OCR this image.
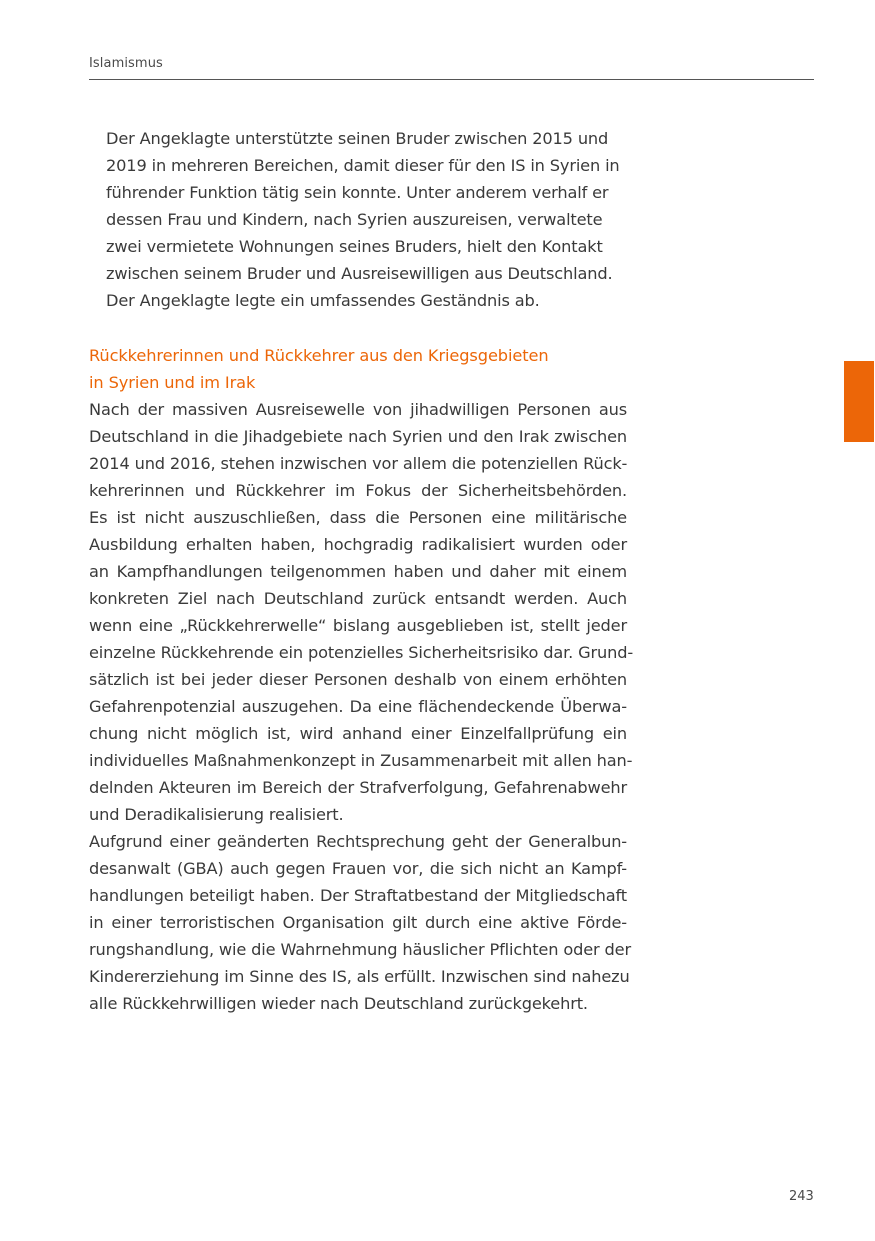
Islamismus
Der Angeklagte unterstützte seinen Bruder zwischen 2015 und
2019 in mehreren Bereichen, damit dieser für den IS in Syrien in
führender Funktion tätig sein konnte. Unter anderem verhalf er
dessen Frau und Kindern, nach Syrien auszureisen, verwaltete
zwei vermietete Wohnungen seines Bruders, hielt den Kontakt
zwischen seinem Bruder und Ausreisewilligen aus Deutschland.
Der Angeklagte legte ein umfassendes Geständnis ab.
Rückkehrerinnen und Rückkehrer aus den Kriegsgebieten
in Syrien und im Irak
Nach der massiven Ausreisewelle von jihadwilligen Personen aus
Deutschland in die Jihadgebiete nach Syrien und den Irak zwischen
2014 und 2016, stehen inzwischen vor allem die potenziellen Rück-
kehrerinnen und Rückkehrer im Fokus der Sicherheitsbehörden.
Es ist nicht auszuschließen, dass die Personen eine militärische
Ausbildung erhalten haben, hochgradig radikalisiert wurden oder
an Kampfhandlungen teilgenommen haben und daher mit einem
konkreten Ziel nach Deutschland zurück entsandt werden. Auch
wenn eine „Rückkehrerwelle“ bislang ausgeblieben ist, stellt jeder
einzelne Rückkehrende ein potenzielles Sicherheitsrisiko dar. Grund-
sätzlich ist bei jeder dieser Personen deshalb von einem erhöhten
Gefahrenpotenzial auszugehen. Da eine flächendeckende Überwa-
chung nicht möglich ist, wird anhand einer Einzelfallprüfung ein
individuelles Maßnahmenkonzept in Zusammenarbeit mit allen han-
delnden Akteuren im Bereich der Strafverfolgung, Gefahrenabwehr
und Deradikalisierung realisiert.
Aufgrund einer geänderten Rechtsprechung geht der Generalbun-
desanwalt (GBA) auch gegen Frauen vor, die sich nicht an Kampf-
handlungen beteiligt haben. Der Straftatbestand der Mitgliedschaft
in einer terroristischen Organisation gilt durch eine aktive Förde-
rungshandlung, wie die Wahrnehmung häuslicher Pflichten oder der
Kindererziehung im Sinne des IS, als erfüllt. Inzwischen sind nahezu
alle Rückkehrwilligen wieder nach Deutschland zurückgekehrt.
243
